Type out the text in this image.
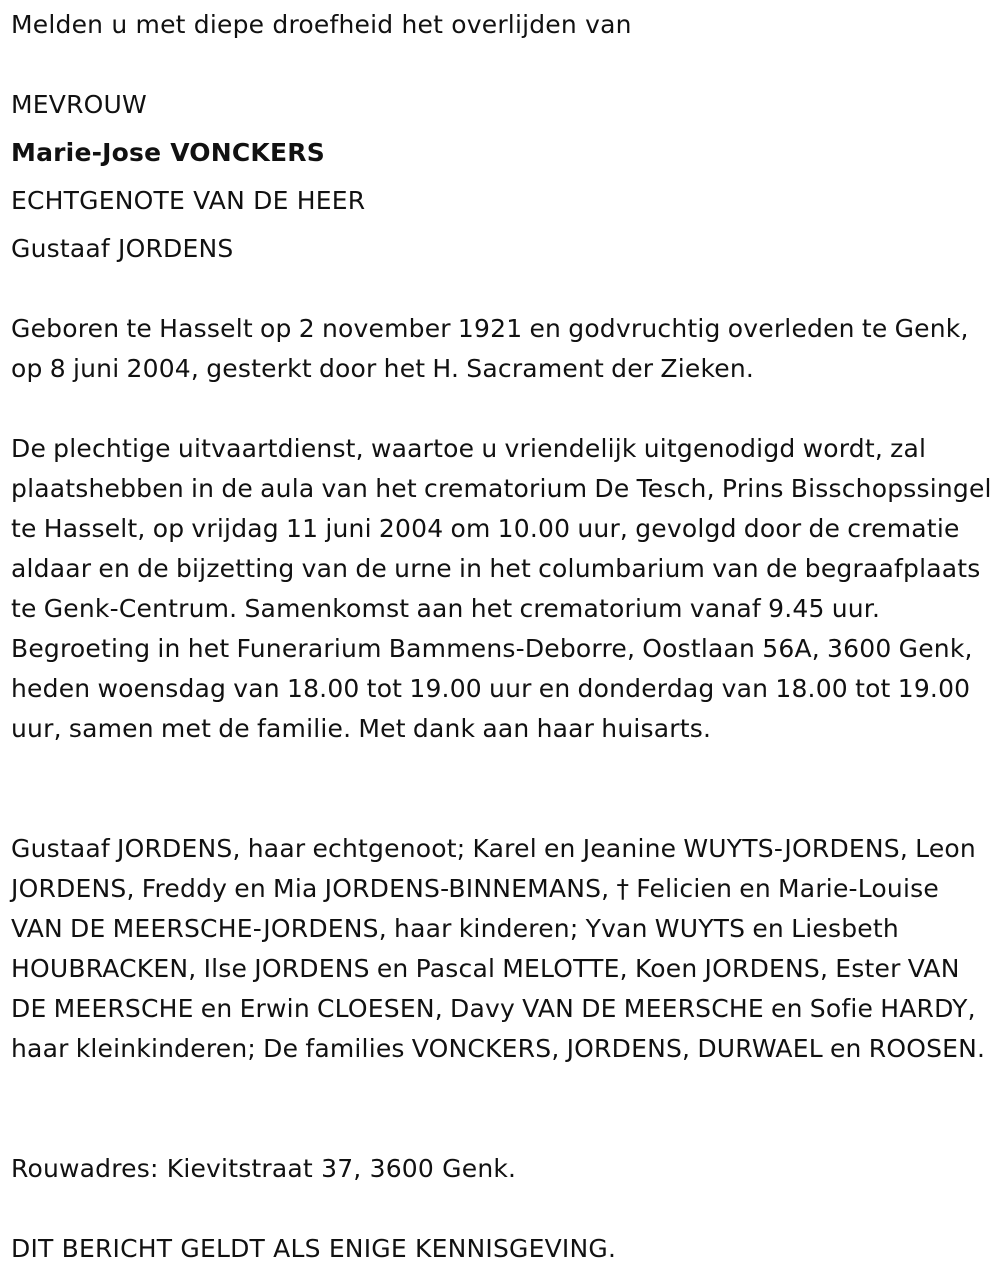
Melden u met diepe droefheid het overlijden van

MEVROUW

Marie-Jose VONCKERS

ECHTGENOTE VAN DE HEER

Gustaaf JORDENS

Geboren te Hasselt op 2 november 1921 en godvruchtig overleden te Genk, op 8 juni 2004, gesterkt door het H. Sacrament der Zieken.

De plechtige uitvaartdienst, waartoe u vriendelijk uitgenodigd wordt, zal plaatshebben in de aula van het crematorium De Tesch, Prins Bisschopssingel te Hasselt, op vrijdag 11 juni 2004 om 10.00 uur, gevolgd door de crematie aldaar en de bijzetting van de urne in het columbarium van de begraafplaats te Genk-Centrum. Samenkomst aan het crematorium vanaf 9.45 uur. Begroeting in het Funerarium Bammens-Deborre, Oostlaan 56A, 3600 Genk, heden woensdag van 18.00 tot 19.00 uur en donderdag van 18.00 tot 19.00 uur, samen met de familie. Met dank aan haar huisarts.

Gustaaf JORDENS, haar echtgenoot; Karel en Jeanine WUYTS-JORDENS, Leon JORDENS, Freddy en Mia JORDENS-BINNEMANS, † Felicien en Marie-Louise VAN DE MEERSCHE-JORDENS, haar kinderen; Yvan WUYTS en Liesbeth HOUBRACKEN, Ilse JORDENS en Pascal MELOTTE, Koen JORDENS, Ester VAN DE MEERSCHE en Erwin CLOESEN, Davy VAN DE MEERSCHE en Sofie HARDY, haar kleinkinderen; De families VONCKERS, JORDENS, DURWAEL en ROOSEN.

Rouwadres: Kievitstraat 37, 3600 Genk.

DIT BERICHT GELDT ALS ENIGE KENNISGEVING.
